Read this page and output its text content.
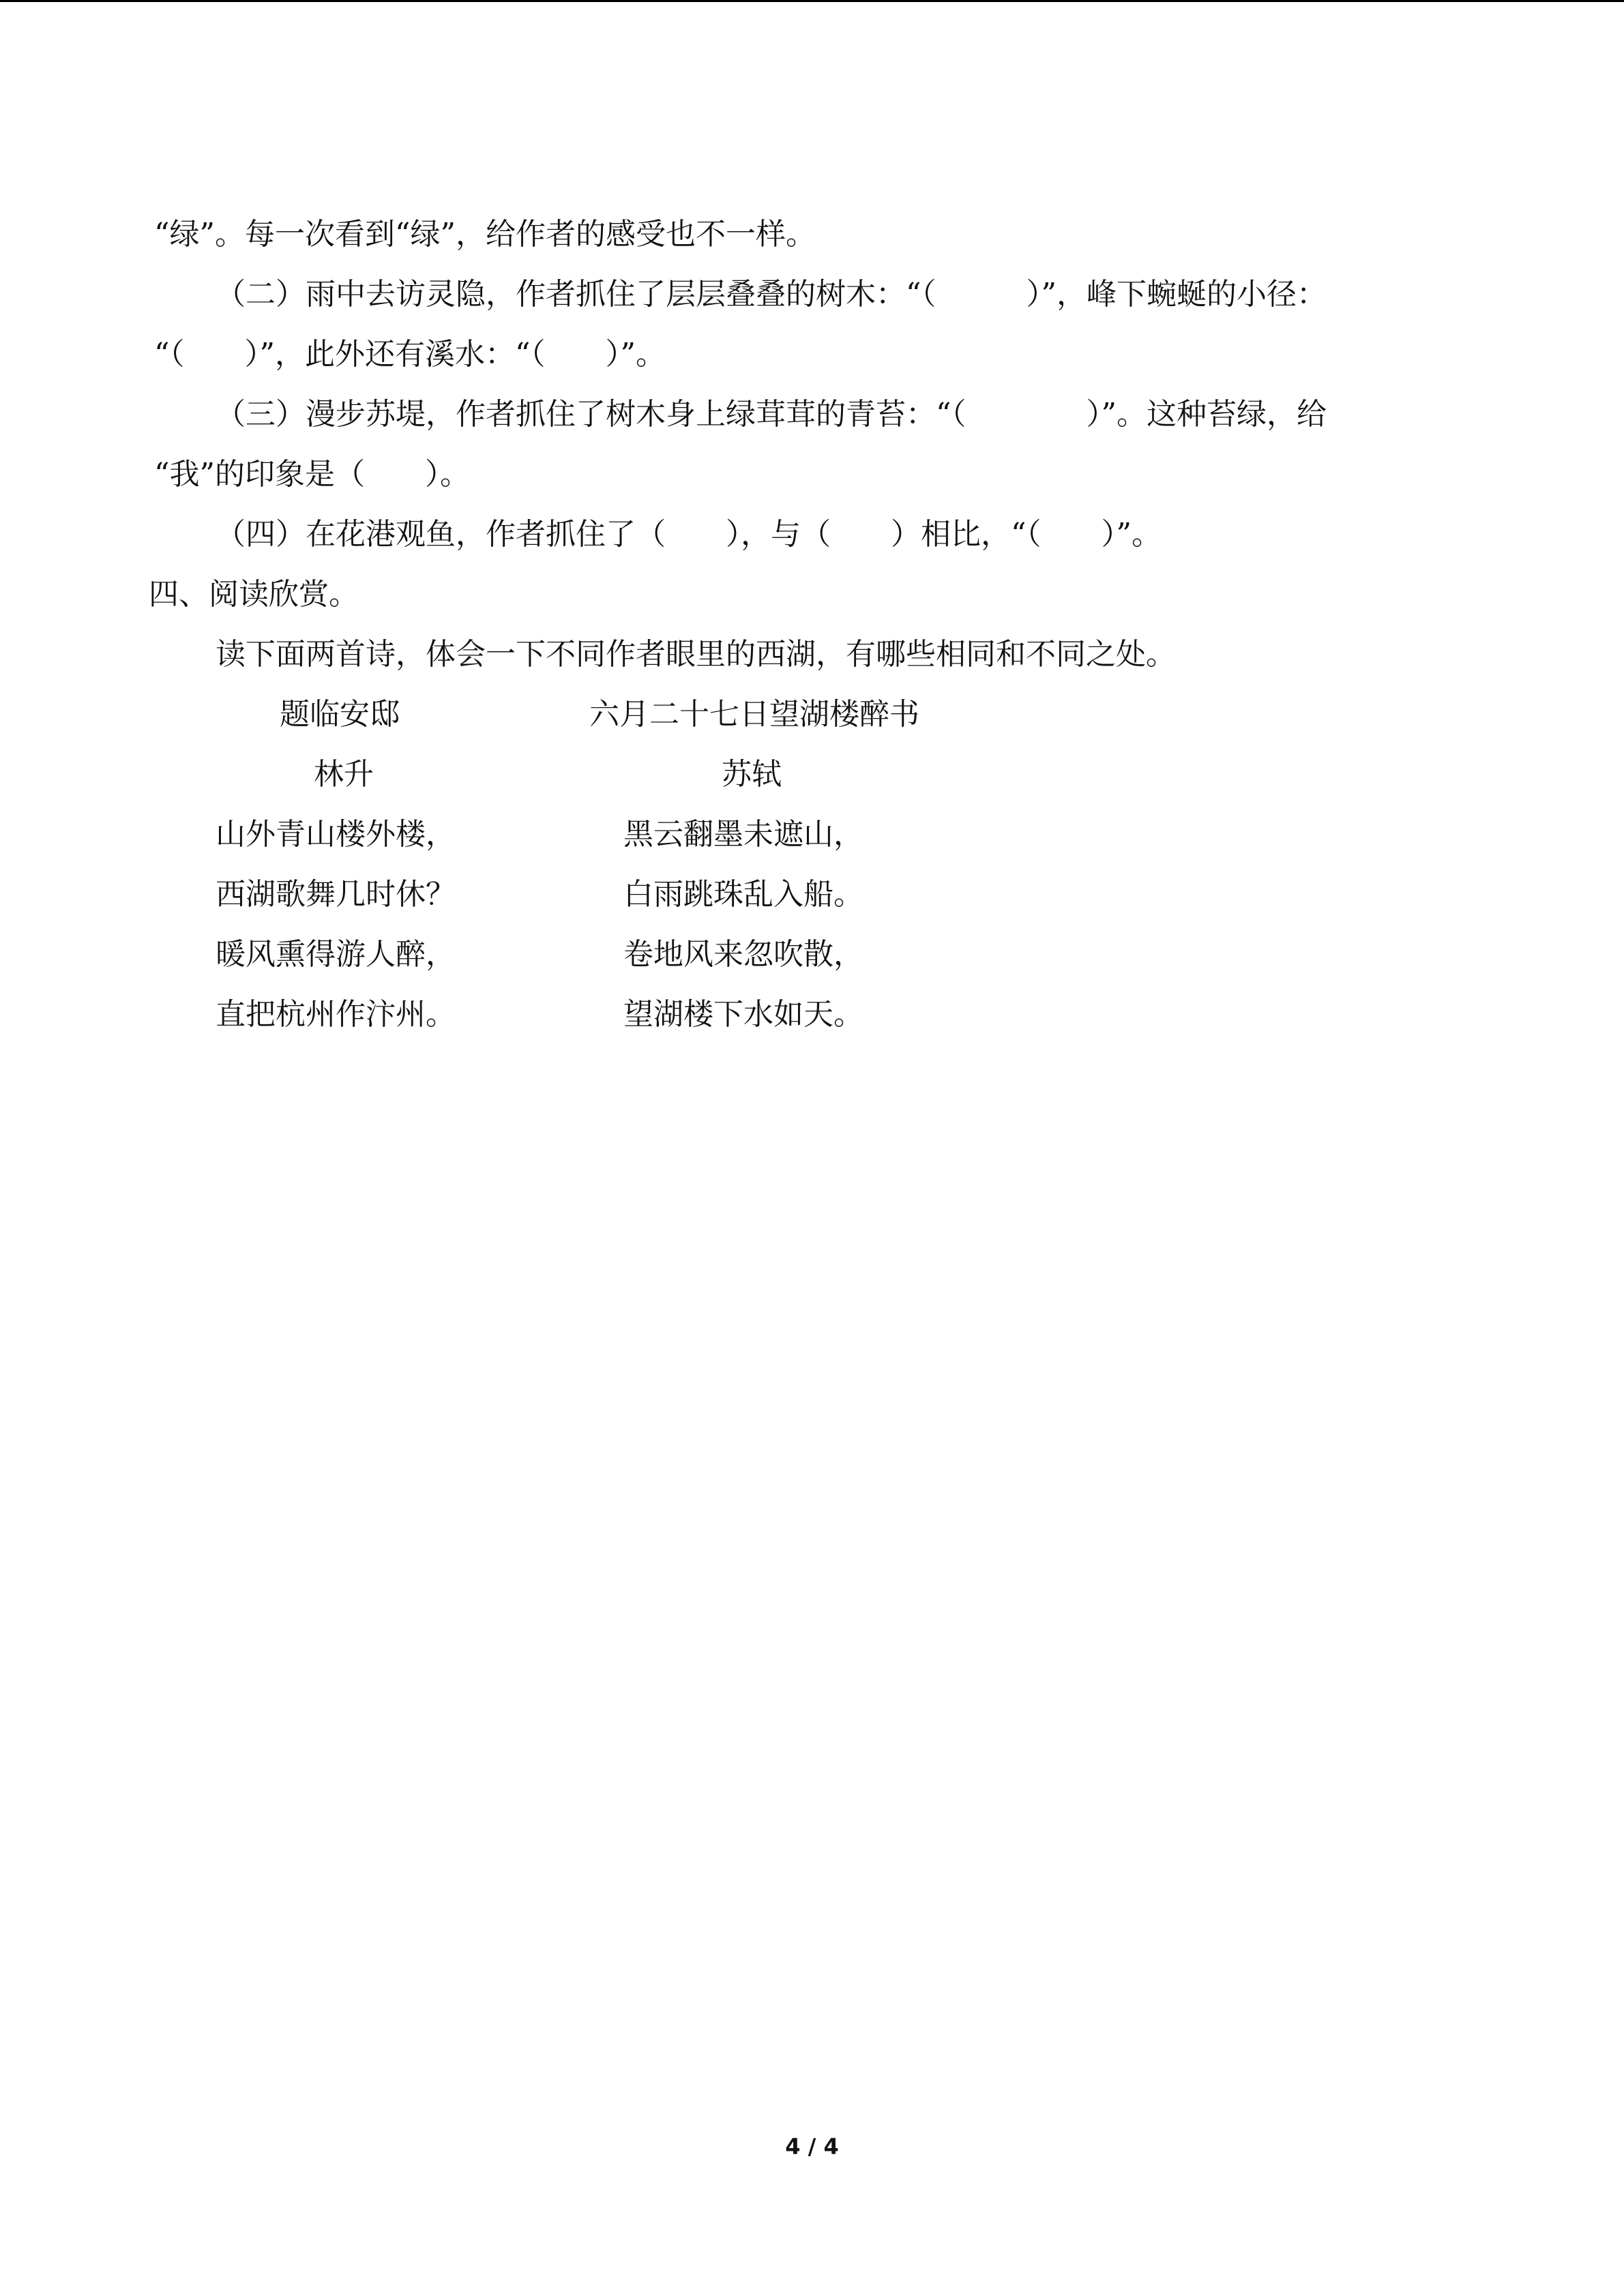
“绿”。每一次看到“绿”，给作者的感受也不一样。
（二）雨中去访灵隐，作者抓住了层层叠叠的树木：“（　　　）”，峰下蜿蜒的小径：
“（　　）”，此外还有溪水：“（　　）”。
（三）漫步苏堤，作者抓住了树木身上绿茸茸的青苔：“（　　　　）”。这种苔绿，给
“我”的印象是（　　）。
（四）在花港观鱼，作者抓住了（　　），与（　　）相比，“（　　）”。
四、阅读欣赏。
读下面两首诗，体会一下不同作者眼里的西湖，有哪些相同和不同之处。
题临安邸	六月二十七日望湖楼醉书
林升	苏轼
山外青山楼外楼，	黑云翻墨未遮山，
西湖歌舞几时休？	白雨跳珠乱入船。
暖风熏得游人醉，	卷地风来忽吹散，
直把杭州作汴州。	望湖楼下水如天。
4 / 4
